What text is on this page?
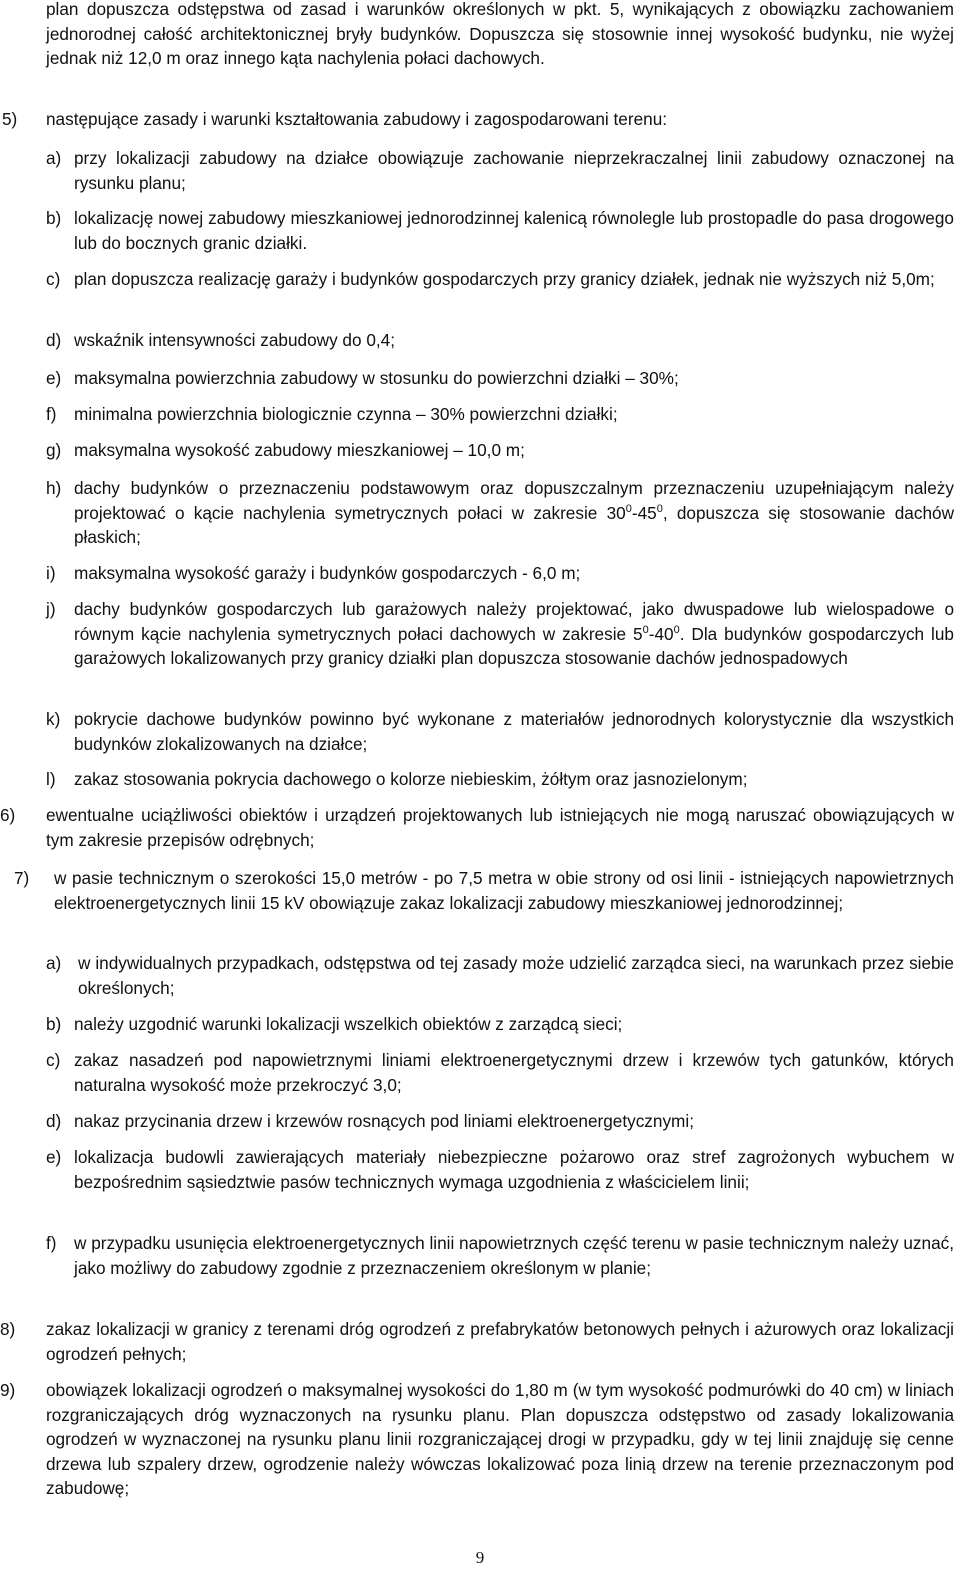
plan dopuszcza odstępstwa od zasad i warunków określonych w pkt. 5, wynikających z obowiązku zachowaniem jednorodnej całość architektonicznej bryły budynków. Dopuszcza się stosownie innej wysokość budynku, nie wyżej jednak niż 12,0 m oraz innego kąta nachylenia połaci dachowych.

5)	następujące zasady i warunki kształtowania zabudowy i zagospodarowani terenu:
a) przy lokalizacji zabudowy na działce obowiązuje zachowanie nieprzekraczalnej linii zabudowy oznaczonej na rysunku planu;
b) lokalizację nowej zabudowy mieszkaniowej jednorodzinnej kalenicą równolegle lub prostopadle do pasa drogowego lub do bocznych granic działki.
c) plan dopuszcza realizację garaży i budynków gospodarczych przy granicy działek, jednak nie wyższych niż 5,0m;
d) wskaźnik intensywności zabudowy do 0,4;
e) maksymalna powierzchnia zabudowy w stosunku do powierzchni działki – 30%;
f)	minimalna powierzchnia biologicznie czynna – 30% powierzchni działki;
g) maksymalna wysokość zabudowy mieszkaniowej – 10,0 m;
h) dachy budynków o przeznaczeniu podstawowym oraz dopuszczalnym przeznaczeniu uzupełniającym należy projektować o kącie nachylenia symetrycznych połaci w zakresie $30^0-45^0$, dopuszcza się stosowanie dachów płaskich;
i)	maksymalna wysokość garaży i budynków gospodarczych - 6,0 m;
j)	dachy budynków gospodarczych lub garażowych należy projektować, jako dwuspadowe lub wielospadowe o równym kącie nachylenia symetrycznych połaci dachowych w zakresie $5^0-40^0$. Dla budynków gospodarczych lub garażowych lokalizowanych przy granicy działki plan dopuszcza stosowanie dachów jednospadowych
k) pokrycie dachowe budynków powinno być wykonane z materiałów jednorodnych kolorystycznie dla wszystkich budynków zlokalizowanych na działce;
l)	zakaz stosowania pokrycia dachowego o kolorze niebieskim, żółtym oraz jasnozielonym;
6)	ewentualne uciążliwości obiektów i urządzeń projektowanych lub istniejących nie mogą naruszać obowiązujących w tym zakresie przepisów odrębnych;
7)	w pasie technicznym o szerokości 15,0 metrów - po 7,5 metra w obie strony od osi linii - istniejących napowietrznych elektroenergetycznych linii 15 kV obowiązuje zakaz lokalizacji zabudowy mieszkaniowej jednorodzinnej;
a) w indywidualnych przypadkach, odstępstwa od tej zasady może udzielić zarządca sieci, na warunkach przez siebie określonych;
b) należy uzgodnić warunki lokalizacji wszelkich obiektów z zarządcą sieci;
c) zakaz nasadzeń pod napowietrznymi liniami elektroenergetycznymi drzew i krzewów tych gatunków, których naturalna wysokość może przekroczyć 3,0;
d) nakaz przycinania drzew i krzewów rosnących pod liniami elektroenergetycznymi;
e) lokalizacja budowli zawierających materiały niebezpieczne pożarowo oraz stref zagrożonych wybuchem w bezpośrednim sąsiedztwie pasów technicznych wymaga uzgodnienia z właścicielem linii;
f)	w przypadku usunięcia elektroenergetycznych linii napowietrznych część terenu w pasie technicznym należy uznać, jako możliwy do zabudowy zgodnie z przeznaczeniem określonym w planie;
8)	zakaz lokalizacji w granicy z terenami dróg ogrodzeń z prefabrykatów betonowych pełnych i ażurowych oraz lokalizacji ogrodzeń pełnych;
9)	obowiązek lokalizacji ogrodzeń o maksymalnej wysokości do 1,80 m (w tym wysokość podmurówki do 40 cm) w liniach rozgraniczających dróg wyznaczonych na rysunku planu. Plan dopuszcza odstępstwo od zasady lokalizowania ogrodzeń w wyznaczonej na rysunku planu linii rozgraniczającej drogi w przypadku, gdy w tej linii znajduję się cenne drzewa lub szpalery drzew, ogrodzenie należy wówczas lokalizować poza linią drzew na terenie przeznaczonym pod zabudowę;
9
